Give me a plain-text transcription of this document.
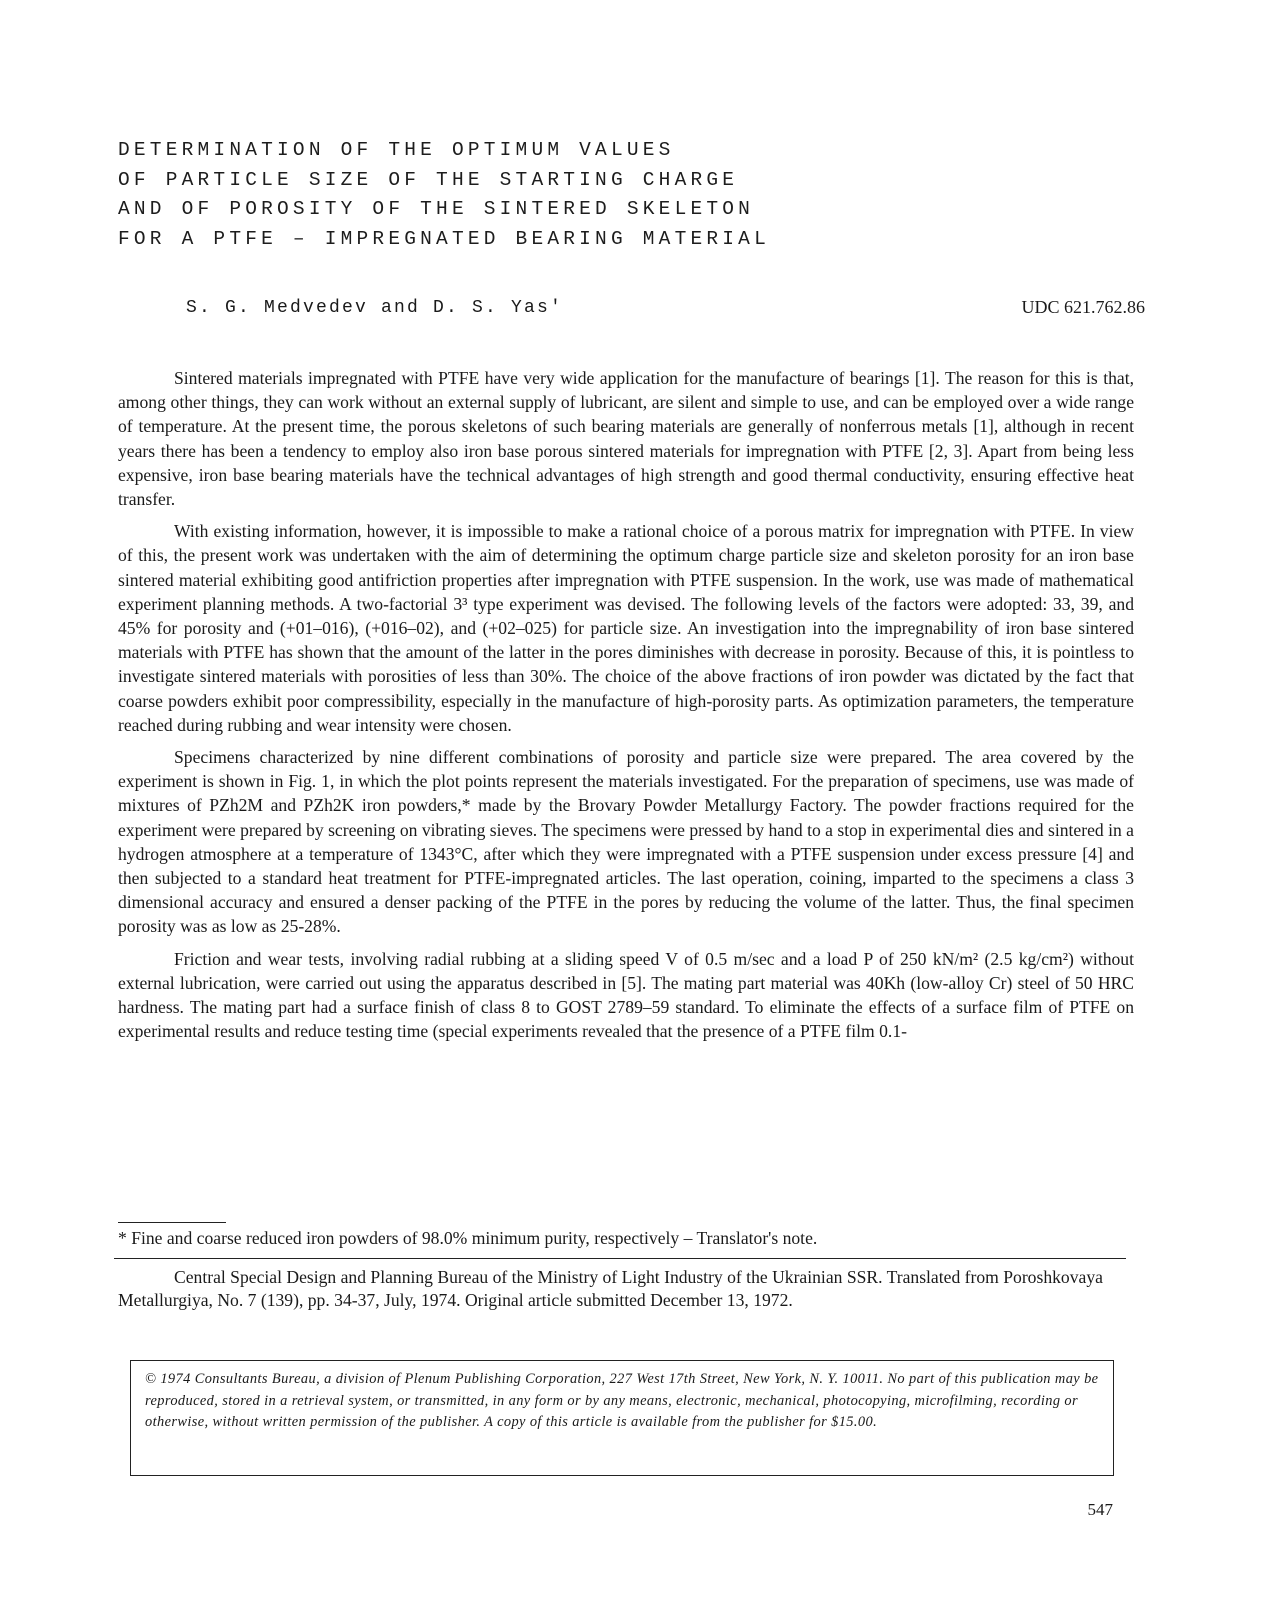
DETERMINATION OF THE OPTIMUM VALUES
OF PARTICLE SIZE OF THE STARTING CHARGE
AND OF POROSITY OF THE SINTERED SKELETON
FOR A PTFE – IMPREGNATED BEARING MATERIAL
S. G. Medvedev and D. S. Yas'	UDC 621.762.86

Sintered materials impregnated with PTFE have very wide application for the manufacture of bearings [1]. The reason for this is that, among other things, they can work without an external supply of lubricant, are silent and simple to use, and can be employed over a wide range of temperature. At the present time, the porous skeletons of such bearing materials are generally of nonferrous metals [1], although in recent years there has been a tendency to employ also iron base porous sintered materials for impregnation with PTFE [2, 3]. Apart from being less expensive, iron base bearing materials have the technical advantages of high strength and good thermal conductivity, ensuring effective heat transfer.

With existing information, however, it is impossible to make a rational choice of a porous matrix for impregnation with PTFE. In view of this, the present work was undertaken with the aim of determining the optimum charge particle size and skeleton porosity for an iron base sintered material exhibiting good antifriction properties after impregnation with PTFE suspension. In the work, use was made of mathematical experiment planning methods. A two-factorial 3³ type experiment was devised. The following levels of the factors were adopted: 33, 39, and 45% for porosity and (+01–016), (+016–02), and (+02–025) for particle size. An investigation into the impregnability of iron base sintered materials with PTFE has shown that the amount of the latter in the pores diminishes with decrease in porosity. Because of this, it is pointless to investigate sintered materials with porosities of less than 30%. The choice of the above fractions of iron powder was dictated by the fact that coarse powders exhibit poor compressibility, especially in the manufacture of high-porosity parts. As optimization parameters, the temperature reached during rubbing and wear intensity were chosen.

Specimens characterized by nine different combinations of porosity and particle size were prepared. The area covered by the experiment is shown in Fig. 1, in which the plot points represent the materials investigated. For the preparation of specimens, use was made of mixtures of PZh2M and PZh2K iron powders,* made by the Brovary Powder Metallurgy Factory. The powder fractions required for the experiment were prepared by screening on vibrating sieves. The specimens were pressed by hand to a stop in experimental dies and sintered in a hydrogen atmosphere at a temperature of 1343°C, after which they were impregnated with a PTFE suspension under excess pressure [4] and then subjected to a standard heat treatment for PTFE-impregnated articles. The last operation, coining, imparted to the specimens a class 3 dimensional accuracy and ensured a denser packing of the PTFE in the pores by reducing the volume of the latter. Thus, the final specimen porosity was as low as 25-28%.

Friction and wear tests, involving radial rubbing at a sliding speed V of 0.5 m/sec and a load P of 250 kN/m² (2.5 kg/cm²) without external lubrication, were carried out using the apparatus described in [5]. The mating part material was 40Kh (low-alloy Cr) steel of 50 HRC hardness. The mating part had a surface finish of class 8 to GOST 2789–59 standard. To eliminate the effects of a surface film of PTFE on experimental results and reduce testing time (special experiments revealed that the presence of a PTFE film 0.1-

* Fine and coarse reduced iron powders of 98.0% minimum purity, respectively – Translator's note.

Central Special Design and Planning Bureau of the Ministry of Light Industry of the Ukrainian SSR. Translated from Poroshkovaya Metallurgiya, No. 7 (139), pp. 34-37, July, 1974. Original article submitted December 13, 1972.

© 1974 Consultants Bureau, a division of Plenum Publishing Corporation, 227 West 17th Street, New York, N. Y. 10011. No part of this publication may be reproduced, stored in a retrieval system, or transmitted, in any form or by any means, electronic, mechanical, photocopying, microfilming, recording or otherwise, without written permission of the publisher. A copy of this article is available from the publisher for $15.00.

547
